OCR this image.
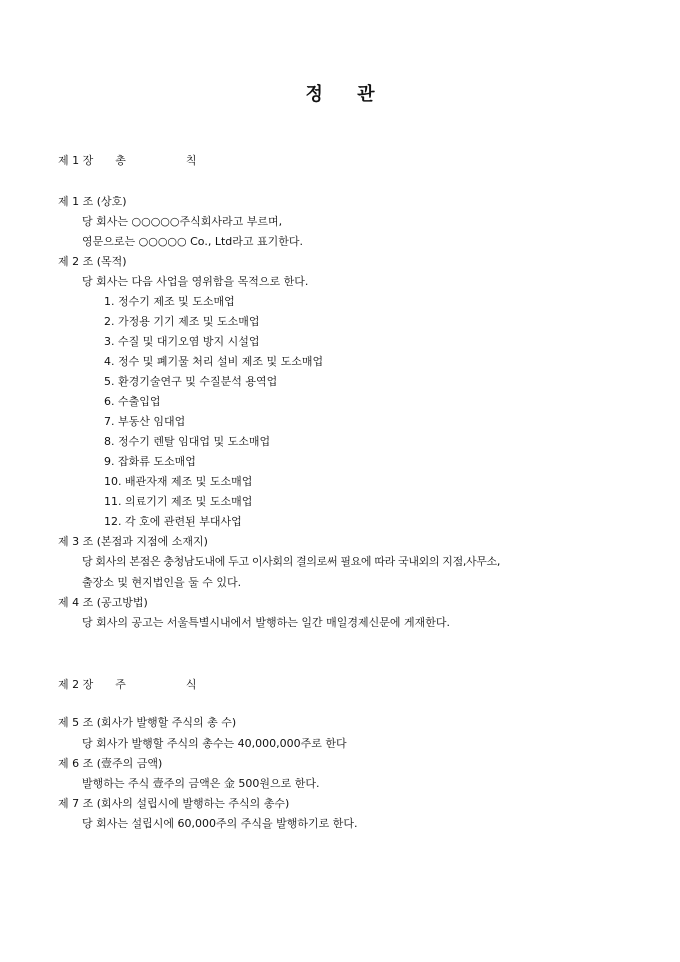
정 관
제 1 장 총	칙
제 1 조 (상호)
당 회사는 ○○○○○주식회사라고 부르며,
영문으로는 ○○○○○ Co., Ltd라고 표기한다.
제 2 조 (목적)
당 회사는 다음 사업을 영위함을 목적으로 한다.
1. 정수기 제조 및 도소매업
2. 가정용 기기 제조 및 도소매업
3. 수질 및 대기오염 방지 시설업
4. 정수 및 폐기물 처리 설비 제조 및 도소매업
5. 환경기술연구 및 수질분석 용역업
6. 수출입업
7. 부동산 임대업
8. 정수기 렌탈 임대업 및 도소매업
9. 잡화류 도소매업
10. 배관자재 제조 및 도소매업
11. 의료기기 제조 및 도소매업
12. 각 호에 관련된 부대사업
제 3 조 (본점과 지점에 소재지)
당 회사의 본점은 충청남도내에 두고 이사회의 결의로써 필요에 따라 국내외의 지점,사무소,
출장소 및 현지법인을 둘 수 있다.
제 4 조 (공고방법)
당 회사의 공고는 서울특별시내에서 발행하는 일간 매일경제신문에 게재한다.
제 2 장 주	식
제 5 조 (회사가 발행할 주식의 총 수)
당 회사가 발행할 주식의 총수는 40,000,000주로 한다
제 6 조 (壹주의 금액)
발행하는 주식 壹주의 금액은 金 500원으로 한다.
제 7 조 (회사의 설립시에 발행하는 주식의 총수)
당 회사는 설립시에 60,000주의 주식을 발행하기로 한다.
